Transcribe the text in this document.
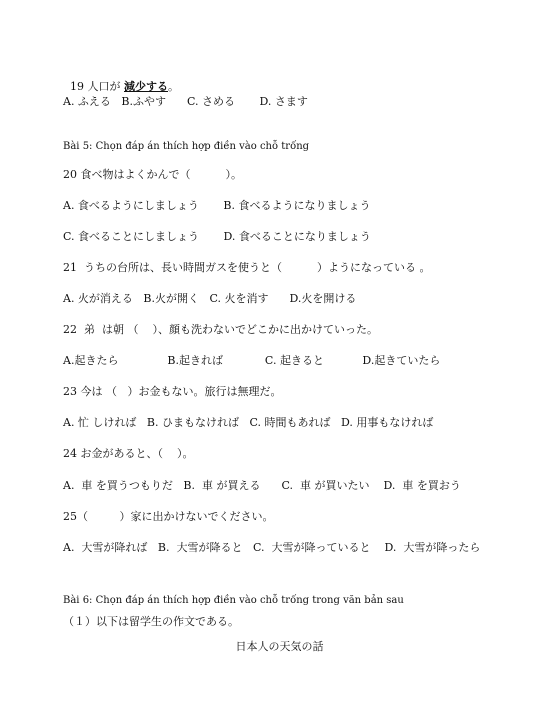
19 人口が 減少する。

A. ふえる   B.ふやす      C. さめる       D. さます
Bài 5: Chọn đáp án thích hợp điền vào chỗ trống
20 食べ物はよくかんで（          ）。
A. 食べるようにしましょう       B. 食べるようになりましょう
C. 食べることにしましょう       D. 食べることになりましょう
21  うちの台所は、長い時間ガスを使うと（          ）ようになっている 。
A. 火が消える   B.火が開く   C. 火を消す      D.火を開ける
22  弟  は朝 （    ）、顔も洗わないでどこかに出かけていった。
A.起きたら              B.起きれば            C. 起きると           D.起きていたら
23 今は （   ）お金もない。旅行は無理だ。
A. 忙 しければ   B. ひまもなければ   C. 時間もあれば   D. 用事もなければ
24 お金があると、（    ）。
A.  車 を買うつもりだ   B.  車 が買える      C.  車 が買いたい    D.  車 を買おう
25（         ）家に出かけないでください。
A.  大雪が降れば   B.  大雪が降ると   C.  大雪が降っていると    D.  大雪が降ったら
Bài 6: Chọn đáp án thích hợp điền vào chỗ trống trong văn bản sau
（１）以下は留学生の作文である。
日本人の天気の話
